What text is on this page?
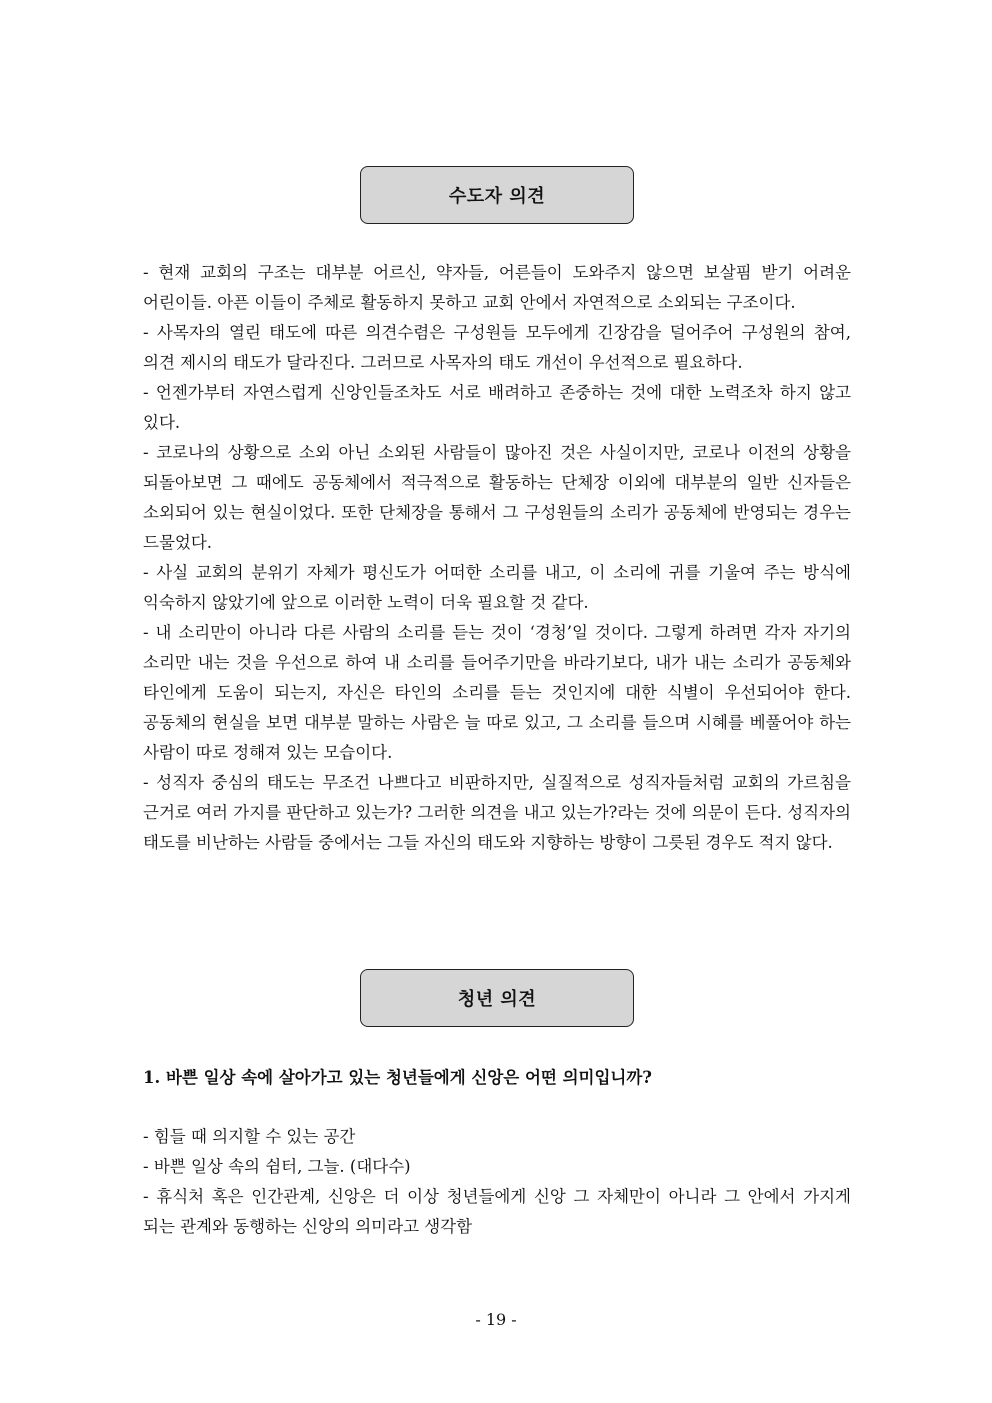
수도자 의견

- 현재 교회의 구조는 대부분 어르신, 약자들, 어른들이 도와주지 않으면 보살핌 받기 어려운 어린이들. 아픈 이들이 주체로 활동하지 못하고 교회 안에서 자연적으로 소외되는 구조이다.

- 사목자의 열린 태도에 따른 의견수렴은 구성원들 모두에게 긴장감을 덜어주어 구성원의 참여, 의견 제시의 태도가 달라진다. 그러므로 사목자의 태도 개선이 우선적으로 필요하다.

- 언젠가부터 자연스럽게 신앙인들조차도 서로 배려하고 존중하는 것에 대한 노력조차 하지 않고 있다.

- 코로나의 상황으로 소외 아닌 소외된 사람들이 많아진 것은 사실이지만, 코로나 이전의 상황을 되돌아보면 그 때에도 공동체에서 적극적으로 활동하는 단체장 이외에 대부분의 일반 신자들은 소외되어 있는 현실이었다. 또한 단체장을 통해서 그 구성원들의 소리가 공동체에 반영되는 경우는 드물었다.

- 사실 교회의 분위기 자체가 평신도가 어떠한 소리를 내고, 이 소리에 귀를 기울여 주는 방식에 익숙하지 않았기에 앞으로 이러한 노력이 더욱 필요할 것 같다.

- 내 소리만이 아니라 다른 사람의 소리를 듣는 것이 ‘경청’일 것이다. 그렇게 하려면 각자 자기의 소리만 내는 것을 우선으로 하여 내 소리를 들어주기만을 바라기보다, 내가 내는 소리가 공동체와 타인에게 도움이 되는지, 자신은 타인의 소리를 듣는 것인지에 대한 식별이 우선되어야 한다. 공동체의 현실을 보면 대부분 말하는 사람은 늘 따로 있고, 그 소리를 들으며 시혜를 베풀어야 하는 사람이 따로 정해져 있는 모습이다.

- 성직자 중심의 태도는 무조건 나쁘다고 비판하지만, 실질적으로 성직자들처럼 교회의 가르침을 근거로 여러 가지를 판단하고 있는가? 그러한 의견을 내고 있는가?라는 것에 의문이 든다. 성직자의 태도를 비난하는 사람들 중에서는 그들 자신의 태도와 지향하는 방향이 그릇된 경우도 적지 않다.

청년 의견

1. 바쁜 일상 속에 살아가고 있는 청년들에게 신앙은 어떤 의미입니까?

- 힘들 때 의지할 수 있는 공간

- 바쁜 일상 속의 쉼터, 그늘. (대다수)

- 휴식처 혹은 인간관계, 신앙은 더 이상 청년들에게 신앙 그 자체만이 아니라 그 안에서 가지게 되는 관계와 동행하는 신앙의 의미라고 생각함

- 19 -
